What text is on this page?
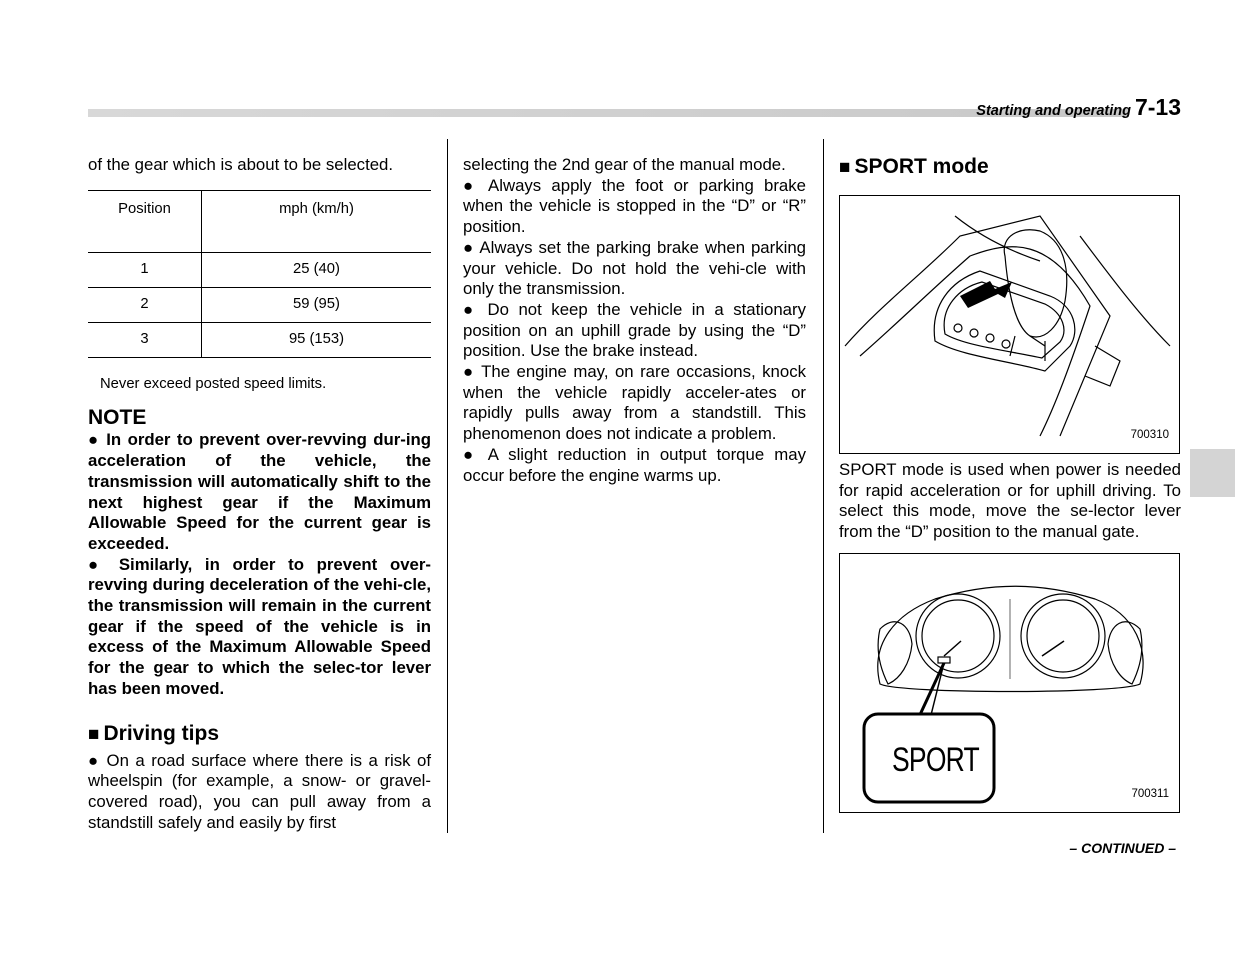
Starting and operating 7-13

of the gear which is about to be selected.

Position	mph (km/h)
1	25 (40)
2	59 (95)
3	95 (153)
Never exceed posted speed limits.
NOTE

● In order to prevent over-revving dur-ing acceleration of the vehicle, the transmission will automatically shift to the next highest gear if the Maximum Allowable Speed for the current gear is exceeded.

● Similarly, in order to prevent over-revving during deceleration of the vehi-cle, the transmission will remain in the current gear if the speed of the vehicle is in excess of the Maximum Allowable Speed for the gear to which the selec-tor lever has been moved.

■ Driving tips

● On a road surface where there is a risk of wheelspin (for example, a snow- or gravel-covered road), you can pull away from a standstill safely and easily by first

selecting the 2nd gear of the manual mode.

● Always apply the foot or parking brake when the vehicle is stopped in the “D” or “R” position.

● Always set the parking brake when parking your vehicle. Do not hold the vehi-cle with only the transmission.

● Do not keep the vehicle in a stationary position on an uphill grade by using the “D” position. Use the brake instead.

● The engine may, on rare occasions, knock when the vehicle rapidly acceler-ates or rapidly pulls away from a standstill. This phenomenon does not indicate a problem.

● A slight reduction in output torque may occur before the engine warms up.

■ SPORT mode
700310

SPORT mode is used when power is needed for rapid acceleration or for uphill driving. To select this mode, move the se-lector lever from the “D” position to the manual gate.

SPORT
700311
– CONTINUED –
